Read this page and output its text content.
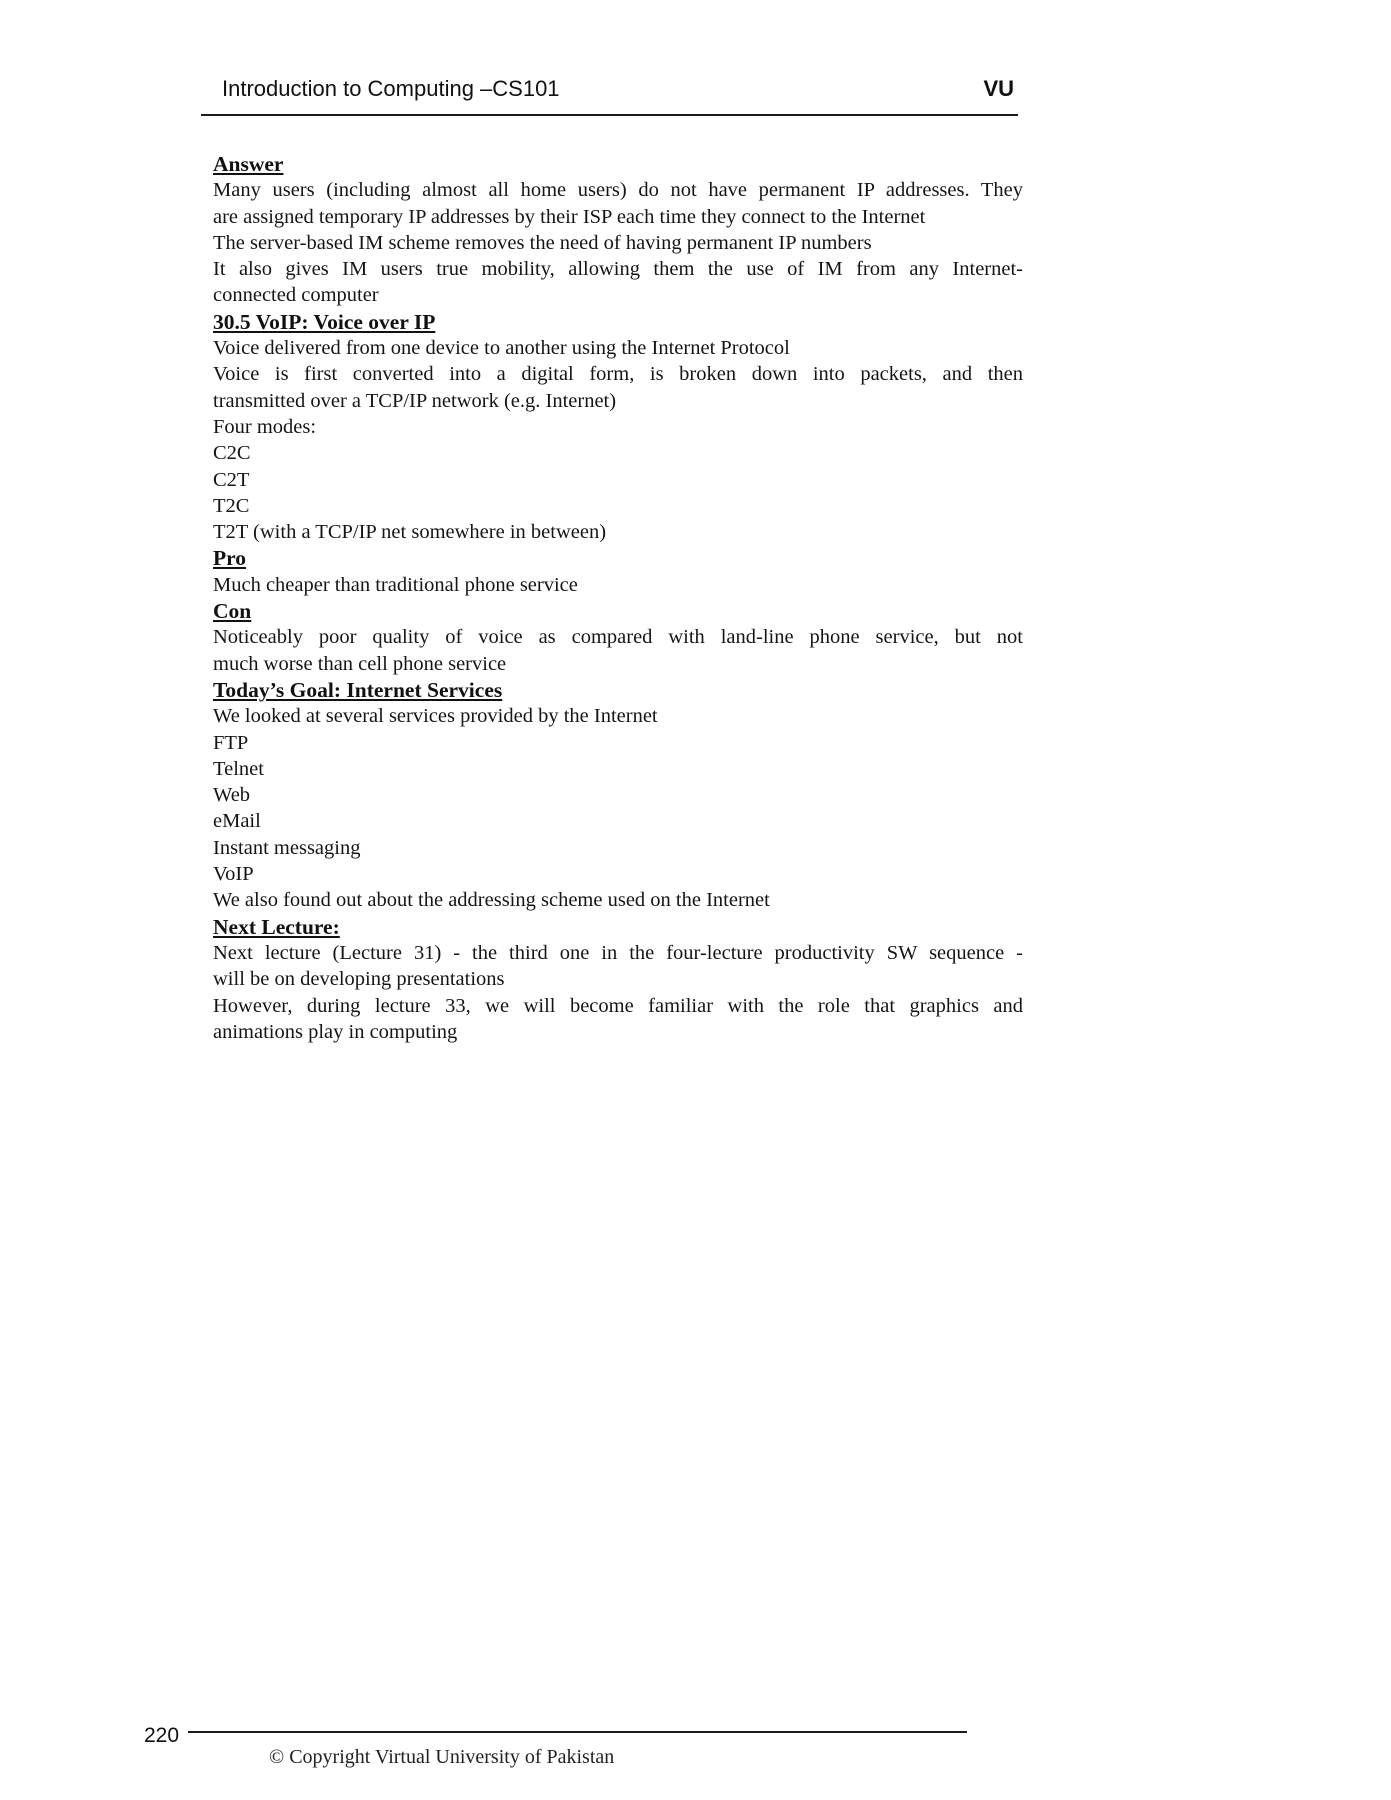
Introduction to Computing –CS101	VU
Answer
Many users (including almost all home users) do not have permanent IP addresses. They
are assigned temporary IP addresses by their ISP each time they connect to the Internet
The server-based IM scheme removes the need of having permanent IP numbers
It also gives IM users true mobility, allowing them the use of IM from any Internet-
connected computer
30.5 VoIP: Voice over IP
Voice delivered from one device to another using the Internet Protocol
Voice is first converted into a digital form, is broken down into packets, and then
transmitted over a TCP/IP network (e.g. Internet)
Four modes:
C2C
C2T
T2C
T2T (with a TCP/IP net somewhere in between)
Pro
Much cheaper than traditional phone service
Con
Noticeably poor quality of voice as compared with land-line phone service, but not
much worse than cell phone service
Today’s Goal: Internet Services
We looked at several services provided by the Internet
FTP
Telnet
Web
eMail
Instant messaging
VoIP
We also found out about the addressing scheme used on the Internet
Next Lecture:
Next lecture (Lecture 31) - the third one in the four-lecture productivity SW sequence -
will be on developing presentations
However, during lecture 33, we will become familiar with the role that graphics and
animations play in computing
220
© Copyright Virtual University of Pakistan
